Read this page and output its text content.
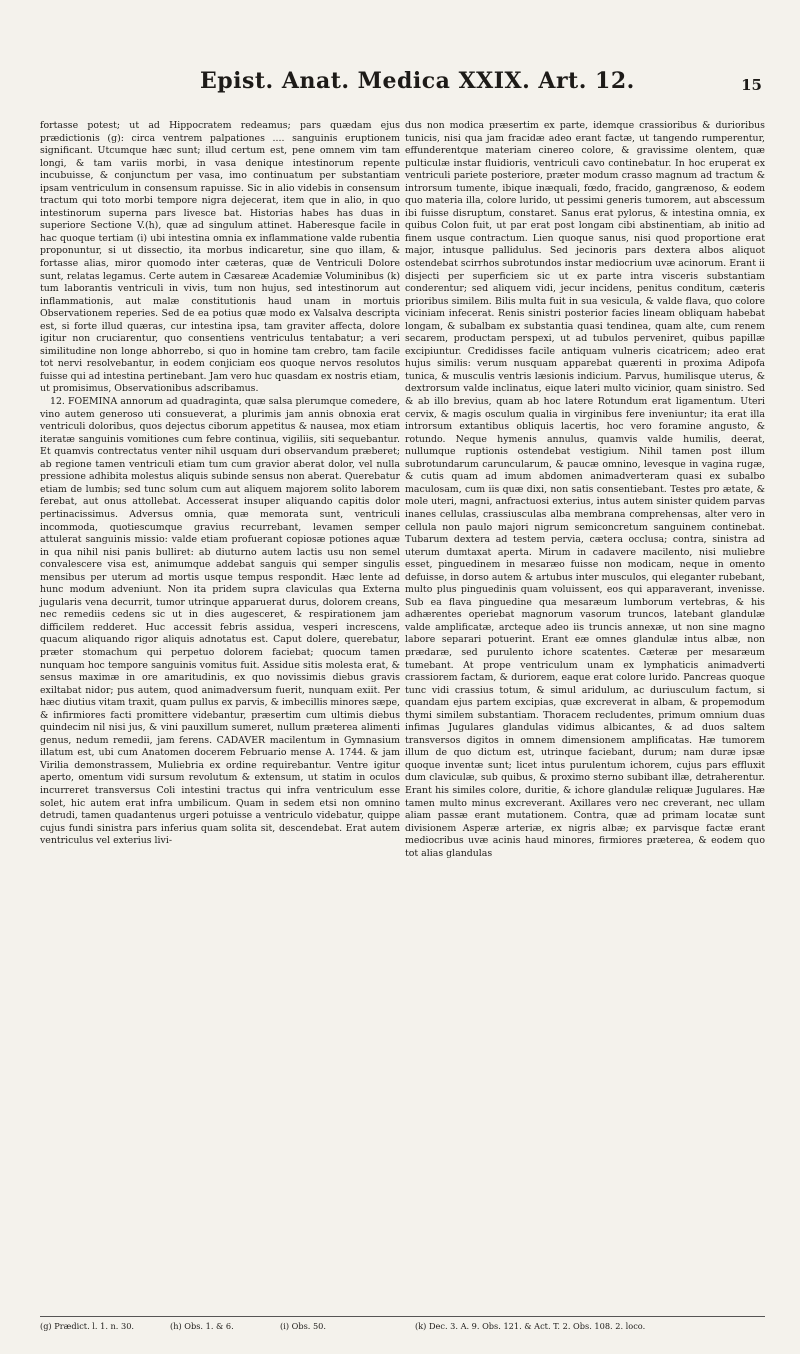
Epist. Anat. Medica XXIX. Art. 12.	15

fortasse potest; ut ad Hippocratem redeamus; pars quædam ejus prædictionis (g): circa ventrem palpationes .... sanguinis eruptionem significant. Utcumque hæc sunt; illud certum est, pene omnem vim tam longi, & tam variis morbi, in vasa denique intestinorum repente incubuisse, & conjunctum per vasa, imo continuatum per substantiam ipsam ventriculum in consensum rapuisse. Sic in alio videbis in consensum tractum qui toto morbi tempore nigra dejecerat, item que in alio, in quo intestinorum superna pars livesce bat. Historias habes has duas in superiore Sectione V.(h), quæ ad singulum attinet. Haberesque facile in hac quoque tertiam (i) ubi intestina omnia ex inflammatione valde rubentia proponuntur, si ut dissectio, ita morbus indicaretur, sine quo illam, & fortasse alias, miror quomodo inter cæteras, quæ de Ventriculi Dolore sunt, relatas legamus. Certe autem in Cæsareæ Academiæ Voluminibus (k) tum laborantis ventriculi in vivis, tum non hujus, sed intestinorum aut inflammationis, aut malæ constitutionis haud unam in mortuis Observationem reperies. Sed de ea potius quæ modo ex Valsalva descripta est, si forte illud quæras, cur intestina ipsa, tam graviter affecta, dolore igitur non cruciarentur, quo consentiens ventriculus tentabatur; a veri similitudine non longe abhorrebo, si quo in homine tam crebro, tam facile tot nervi resolvebantur, in eodem conjiciam eos quoque nervos resolutos fuisse qui ad intestina pertinebant. Jam vero huc quasdam ex nostris etiam, ut promisimus, Observationibus adscribamus.

12. FOEMINA annorum ad quadraginta, quæ salsa plerumque comedere, vino autem generoso uti consueverat, a plurimis jam annis obnoxia erat ventriculi doloribus, quos dejectus ciborum appetitus & nausea, mox etiam iteratæ sanguinis vomitiones cum febre continua, vigiliis, siti sequebantur. Et quamvis contrectatus venter nihil usquam duri observandum præberet; ab regione tamen ventriculi etiam tum cum gravior aberat dolor, vel nulla pressione adhibita molestus aliquis subinde sensus non aberat. Querebatur etiam de lumbis; sed tunc solum cum aut aliquem majorem solito laborem ferebat, aut onus attollebat. Accesserat insuper aliquando capitis dolor pertinacissimus. Adversus omnia, quæ memorata sunt, ventriculi incommoda, quotiescumque gravius recurrebant, levamen semper attulerat sanguinis missio: valde etiam profuerant copiosæ potiones aquæ in qua nihil nisi panis bulliret: ab diuturno autem lactis usu non semel convalescere visa est, animumque addebat sanguis qui semper singulis mensibus per uterum ad mortis usque tempus respondit. Hæc lente ad hunc modum adveniunt. Non ita pridem supra claviculas qua Externa jugularis vena decurrit, tumor utrinque apparuerat durus, dolorem creans, nec remediis cedens sic ut in dies augesceret, & respirationem jam difficilem redderet. Huc accessit febris assidua, vesperi increscens, quacum aliquando rigor aliquis adnotatus est. Caput dolere, querebatur, præter stomachum qui perpetuo dolorem faciebat; quocum tamen nunquam hoc tempore sanguinis vomitus fuit. Assidue sitis molesta erat, & sensus maximæ in ore amaritudinis, ex quo novissimis diebus gravis exiltabat nidor; pus autem, quod animadversum fuerit, nunquam exiit. Per hæc diutius vitam traxit, quam pullus ex parvis, & imbecillis minores sæpe, & infirmiores facti promittere videbantur, præsertim cum ultimis diebus quindecim nil nisi jus, & vini pauxillum sumeret, nullum præterea alimenti genus, nedum remedii, jam ferens. CADAVER macilentum in Gymnasium illatum est, ubi cum Anatomen docerem Februario mense A. 1744. & jam Virilia demonstrassem, Muliebria ex ordine requirebantur. Ventre igitur aperto, omentum vidi sursum revolutum & extensum, ut statim in oculos incurreret transversus Coli intestini tractus qui infra ventriculum esse solet, hic autem erat infra umbilicum. Quam in sedem etsi non omnino detrudi, tamen quadantenus urgeri potuisse a ventriculo videbatur, quippe cujus fundi sinistra pars inferius quam solita sit, descendebat. Erat autem ventriculus vel exterius livi-

dus non modica præsertim ex parte, idemque crassioribus & durioribus tunicis, nisi qua jam fracidæ adeo erant factæ, ut tangendo rumperentur, effunderentque materiam cinereo colore, & gravissime olentem, quæ pulticulæ instar fluidioris, ventriculi cavo continebatur. In hoc eruperat ex ventriculi pariete posteriore, præter modum crasso magnum ad tractum & introrsum tumente, ibique inæquali, fœdo, fracido, gangrænoso, & eodem quo materia illa, colore lurido, ut pessimi generis tumorem, aut abscessum ibi fuisse disruptum, constaret. Sanus erat pylorus, & intestina omnia, ex quibus Colon fuit, ut par erat post longam cibi abstinentiam, ab initio ad finem usque contractum. Lien quoque sanus, nisi quod proportione erat major, intusque pallidulus. Sed jecinoris pars dextera albos aliquot ostendebat scirrhos subrotundos instar mediocrium uvæ acinorum. Erant ii disjecti per superficiem sic ut ex parte intra visceris substantiam conderentur; sed aliquem vidi, jecur incidens, penitus conditum, cæteris prioribus similem. Bilis multa fuit in sua vesicula, & valde flava, quo colore viciniam infecerat. Renis sinistri posterior facies lineam obliquam habebat longam, & subalbam ex substantia quasi tendinea, quam alte, cum renem secarem, productam perspexi, ut ad tubulos perveniret, quibus papillæ excipiuntur. Credidisses facile antiquam vulneris cicatricem; adeo erat hujus similis: verum nusquam apparebat quærenti in proxima Adipofa tunica, & musculis ventris læsionis indicium. Parvus, humilisque uterus, & dextrorsum valde inclinatus, eique lateri multo vicinior, quam sinistro. Sed & ab illo brevius, quam ab hoc latere Rotundum erat ligamentum. Uteri cervix, & magis osculum qualia in virginibus fere inveniuntur; ita erat illa introrsum extantibus obliquis lacertis, hoc vero foramine angusto, & rotundo. Neque hymenis annulus, quamvis valde humilis, deerat, nullumque ruptionis ostendebat vestigium. Nihil tamen post illum subrotundarum caruncularum, & paucæ omnino, levesque in vagina rugæ, & cutis quam ad imum abdomen animadverteram quasi ex subalbo maculosam, cum iis quæ dixi, non satis consentiebant. Testes pro ætate, & mole uteri, magni, anfractuosi exterius, intus autem sinister quidem parvas inanes cellulas, crassiusculas alba membrana comprehensas, alter vero in cellula non paulo majori nigrum semiconcretum sanguinem continebat. Tubarum dextera ad testem pervia, cætera occlusa; contra, sinistra ad uterum dumtaxat aperta. Mirum in cadavere macilento, nisi muliebre esset, pinguedinem in mesaræo fuisse non modicam, neque in omento defuisse, in dorso autem & artubus inter musculos, qui eleganter rubebant, multo plus pinguedinis quam voluissent, eos qui apparaverant, invenisse. Sub ea flava pinguedine qua mesaræum lumborum vertebras, & his adhærentes operiebat magnorum vasorum truncos, latebant glandulæ valde amplificatæ, arcteque adeo iis truncis annexæ, ut non sine magno labore separari potuerint. Erant eæ omnes glandulæ intus albæ, non prædaræ, sed purulento ichore scatentes. Cæteræ per mesaræum tumebant. At prope ventriculum unam ex lymphaticis animadverti crassiorem factam, & duriorem, eaque erat colore lurido. Pancreas quoque tunc vidi crassius totum, & simul aridulum, ac duriusculum factum, si quandam ejus partem excipias, quæ excreverat in albam, & propemodum thymi similem substantiam. Thoracem recludentes, primum omnium duas infimas Jugulares glandulas vidimus albicantes, & ad duos saltem transversos digitos in omnem dimensionem amplificatas. Hæ tumorem illum de quo dictum est, utrinque faciebant, durum; nam duræ ipsæ quoque inventæ sunt; licet intus purulentum ichorem, cujus pars effluxit dum claviculæ, sub quibus, & proximo sterno subibant illæ, detraherentur. Erant his similes colore, duritie, & ichore glandulæ reliquæ Jugulares. Hæ tamen multo minus excreverant. Axillares vero nec creverant, nec ullam aliam passæ erant mutationem. Contra, quæ ad primam locatæ sunt divisionem Asperæ arteriæ, ex nigris albæ; ex parvisque factæ erant mediocribus uvæ acinis haud minores, firmiores præterea, & eodem quo tot alias glandulas

(g) Prædict. l. 1. n. 30.	(h) Obs. 1. & 6.	(i) Obs. 50.	(k) Dec. 3. A. 9. Obs. 121. & Act. T. 2. Obs. 108. 2. loco.
